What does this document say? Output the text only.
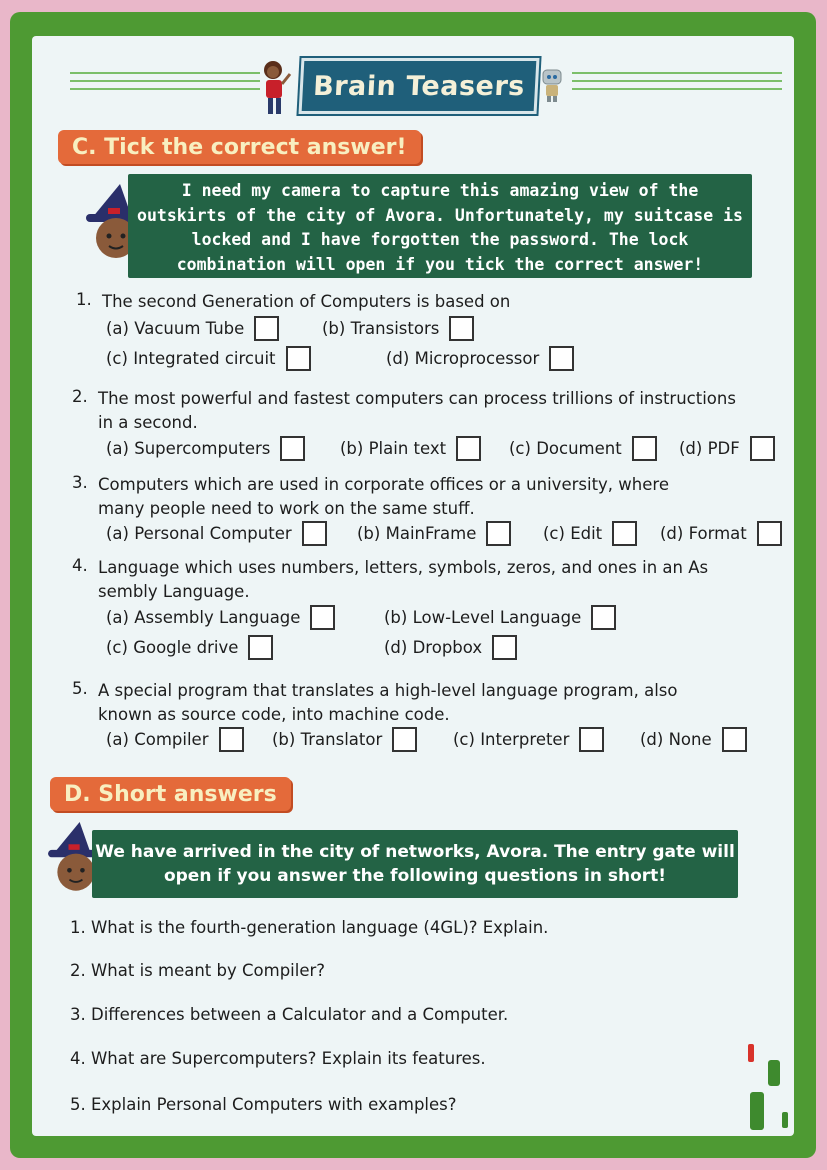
Brain Teasers
C. Tick the correct answer!
I need my camera to capture this amazing view of the
outskirts of the city of Avora. Unfortunately, my suitcase is
locked and I have forgotten the password. The lock
combination will open if you tick the correct answer!
1. The second Generation of Computers is based on
(a) Vacuum Tube	(b) Transistors
(c) Integrated circuit	(d) Microprocessor
2. The most powerful and fastest computers can process trillions of instructions
in a second.
(a) Supercomputers	(b) Plain text	(c) Document	(d) PDF
3. Computers which are used in corporate offices or a university, where
many people need to work on the same stuff.
(a) Personal Computer	(b) MainFrame	(c) Edit	(d) Format
4. Language which uses numbers, letters, symbols, zeros, and ones in an As
sembly Language.
(a) Assembly Language	(b) Low-Level Language
(c) Google drive	(d) Dropbox
5. A special program that translates a high-level language program, also
known as source code, into machine code.
(a) Compiler	(b) Translator	(c) Interpreter	(d) None
D. Short answers
We have arrived in the city of networks, Avora. The entry gate will
open if you answer the following questions in short!
1. What is the fourth-generation language (4GL)? Explain.
2. What is meant by Compiler?
3. Differences between a Calculator and a Computer.
4. What are Supercomputers? Explain its features.
5. Explain Personal Computers with examples?
